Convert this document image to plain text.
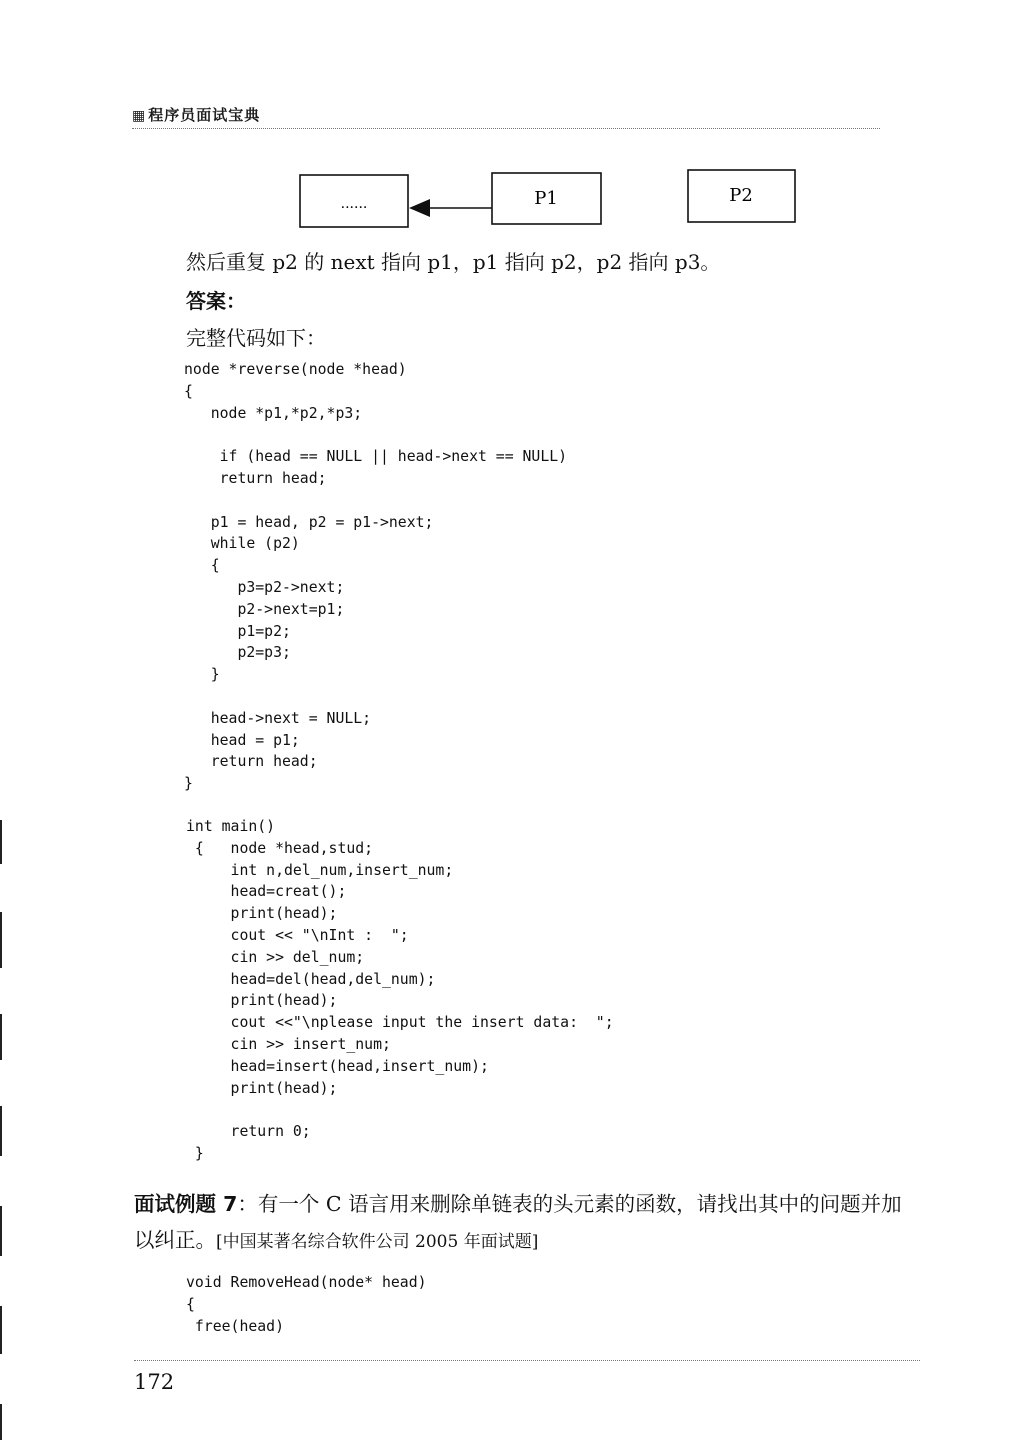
▦ 程序员面试宝典
......	P1	P2
然后重复 p2 的 next 指向 p1，p1 指向 p2，p2 指向 p3。
答案：
完整代码如下：
node *reverse(node *head)
{
node *p1,*p2,*p3;

if (head == NULL || head->next == NULL)
return head;

p1 = head, p2 = p1->next;
while (p2)
{
p3=p2->next;
p2->next=p1;
p1=p2;
p2=p3;
}

head->next = NULL;
head = p1;
return head;
}
int main()
{   node *head,stud;
int n,del_num,insert_num;
head=creat();
print(head);
cout << "\nInt :  ";
cin >> del_num;
head=del(head,del_num);
print(head);
cout <<"\nplease input the insert data:  ";
cin >> insert_num;
head=insert(head,insert_num);
print(head);

return 0;
}
面试例题 7：有一个 C 语言用来删除单链表的头元素的函数，请找出其中的问题并加以纠正。[中国某著名综合软件公司 2005 年面试题]
void RemoveHead(node* head)
{
free(head)
172
